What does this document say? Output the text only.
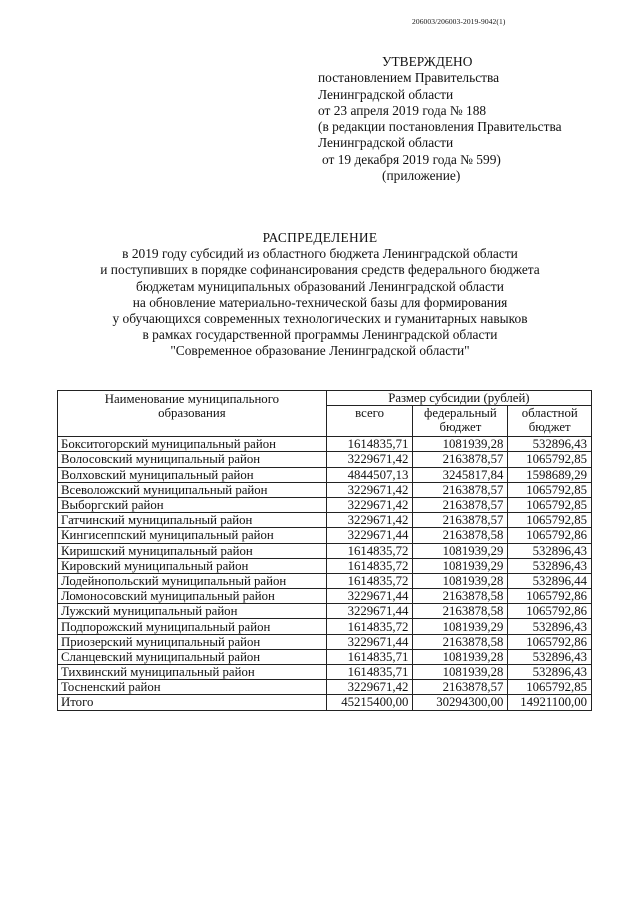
206003/206003-2019-9042(1)
УТВЕРЖДЕНО
постановлением Правительства
Ленинградской области
от 23 апреля 2019 года № 188
(в редакции постановления Правительства
Ленинградской области
от 19 декабря 2019 года № 599)
(приложение)
РАСПРЕДЕЛЕНИЕ
в 2019 году субсидий из областного бюджета Ленинградской области
и поступивших в порядке софинансирования средств федерального бюджета
бюджетам муниципальных образований Ленинградской области
на обновление материально-технической базы для формирования
у обучающихся современных технологических и гуманитарных навыков
в рамках государственной программы Ленинградской области
"Современное образование Ленинградской области"
Наименование муниципального образования	Размер субсидии (рублей)		
	всего	федеральный бюджет	областной бюджет
Бокситогорский муниципальный район	1614835,71	1081939,28	532896,43
Волосовский муниципальный район	3229671,42	2163878,57	1065792,85
Волховский муниципальный район	4844507,13	3245817,84	1598689,29
Всеволожский муниципальный район	3229671,42	2163878,57	1065792,85
Выборгский район	3229671,42	2163878,57	1065792,85
Гатчинский муниципальный район	3229671,42	2163878,57	1065792,85
Кингисеппский муниципальный район	3229671,44	2163878,58	1065792,86
Киришский муниципальный район	1614835,72	1081939,29	532896,43
Кировский муниципальный район	1614835,72	1081939,29	532896,43
Лодейнопольский муниципальный район	1614835,72	1081939,28	532896,44
Ломоносовский муниципальный район	3229671,44	2163878,58	1065792,86
Лужский муниципальный район	3229671,44	2163878,58	1065792,86
Подпорожский муниципальный район	1614835,72	1081939,29	532896,43
Приозерский муниципальный район	3229671,44	2163878,58	1065792,86
Сланцевский муниципальный район	1614835,71	1081939,28	532896,43
Тихвинский муниципальный район	1614835,71	1081939,28	532896,43
Тосненский район	3229671,42	2163878,57	1065792,85
Итого	45215400,00	30294300,00	14921100,00
